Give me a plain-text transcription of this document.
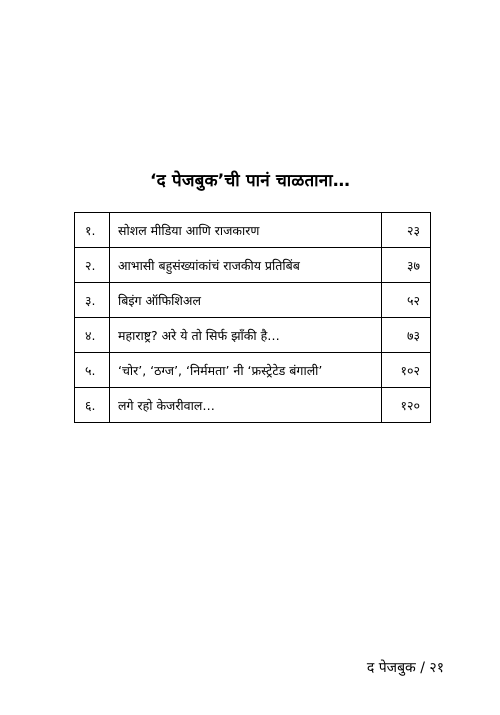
‘द पेजबुक’ची पानं चाळताना…
१.	सोशल मीडिया आणि राजकारण	२३
२.	आभासी बहुसंख्यांकांचं राजकीय प्रतिबिंब	३७
३.	बिइंग ऑफिशिअल	५२
४.	महाराष्ट्र? अरे ये तो सिर्फ झाँकी है…	७३
५.	‘चोर’, ‘ठग्ज’, ‘निर्ममता’ नी ‘फ्रस्ट्रेटेड बंगाली’	१०२
६.	लगे रहो केजरीवाल…	१२०
द पेजबुक / २१
